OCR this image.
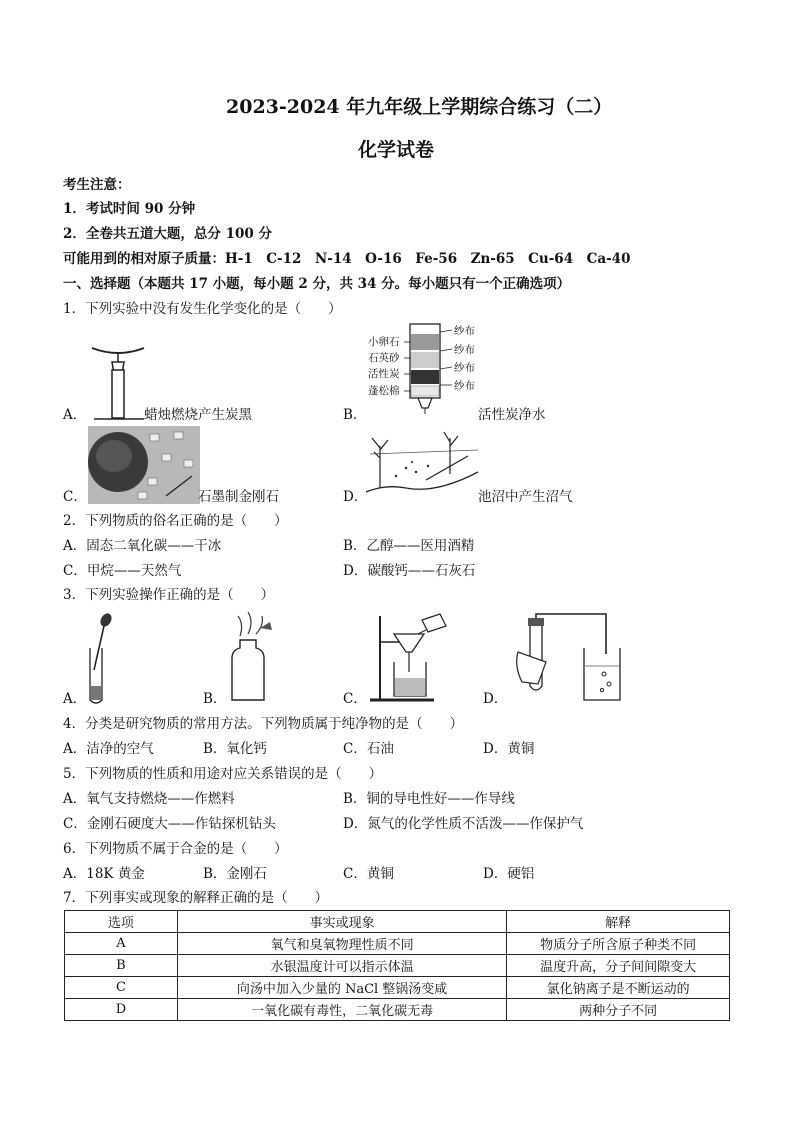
2023-2024 年九年级上学期综合练习（二）
化学试卷
考生注意：
1．考试时间 90 分钟
2．全卷共五道大题，总分 100 分
可能用到的相对原子质量：H-1　C-12　N-14　O-16　Fe-56　Zn-65　Cu-64　Ca-40
一、选择题（本题共 17 小题，每小题 2 分，共 34 分。每小题只有一个正确选项）
1．下列实验中没有发生化学变化的是（　　）
A．	蜡烛燃烧产生炭黑
小卵石
石英砂
活性炭
蓬松棉
纱布
纱布
纱布
纱布
B．	活性炭净水
C．	石墨制金刚石	D．	池沼中产生沼气
2．下列物质的俗名正确的是（　　）
A．固态二氧化碳——干冰	B．乙醇——医用酒精
C．甲烷——天然气	D．碳酸钙——石灰石
3．下列实验操作正确的是（　　）
A．	B．	C．	D．
4．分类是研究物质的常用方法。下列物质属于纯净物的是（　　）
A．洁净的空气	B．氧化钙	C．石油	D．黄铜
5．下列物质的性质和用途对应关系错误的是（　　）
A．氧气支持燃烧——作燃料	B．铜的导电性好——作导线
C．金刚石硬度大——作钻探机钻头	D．氮气的化学性质不活泼——作保护气
6．下列物质不属于合金的是（　　）
A．18K 黄金	B．金刚石	C．黄铜	D．硬铝
7．下列事实或现象的解释正确的是（　　）
选项	事实或现象	解释
A	氧气和臭氧物理性质不同	物质分子所含原子种类不同
B	水银温度计可以指示体温	温度升高，分子间间隙变大
C	向汤中加入少量的 NaCl 整锅汤变咸	氯化钠离子是不断运动的
D	一氧化碳有毒性，二氧化碳无毒	两种分子不同
